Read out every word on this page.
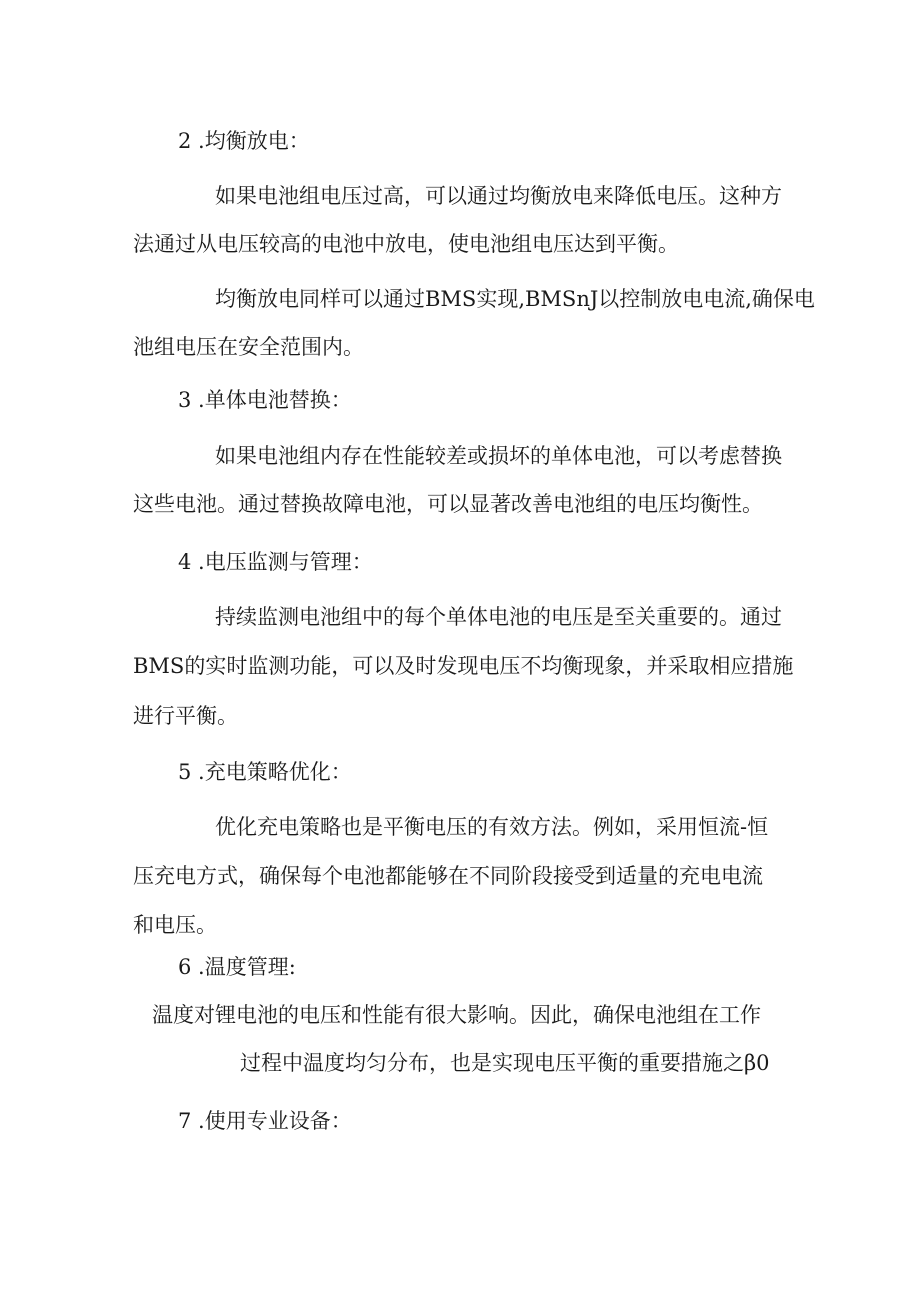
2 .均衡放电：
如果电池组电压过高，可以通过均衡放电来降低电压。这种方
法通过从电压较高的电池中放电，使电池组电压达到平衡。
均衡放电同样可以通过BMS实现,BMSnJ以控制放电电流,确保电
池组电压在安全范围内。
3 .单体电池替换：
如果电池组内存在性能较差或损坏的单体电池，可以考虑替换
这些电池。通过替换故障电池，可以显著改善电池组的电压均衡性。
4 .电压监测与管理：
持续监测电池组中的每个单体电池的电压是至关重要的。通过
BMS的实时监测功能，可以及时发现电压不均衡现象，并采取相应措施
进行平衡。
5 .充电策略优化：
优化充电策略也是平衡电压的有效方法。例如，采用恒流-恒
压充电方式，确保每个电池都能够在不同阶段接受到适量的充电电流
和电压。
6 .温度管理:
温度对锂电池的电压和性能有很大影响。因此，确保电池组在工作
过程中温度均匀分布，也是实现电压平衡的重要措施之β0
7 .使用专业设备：
